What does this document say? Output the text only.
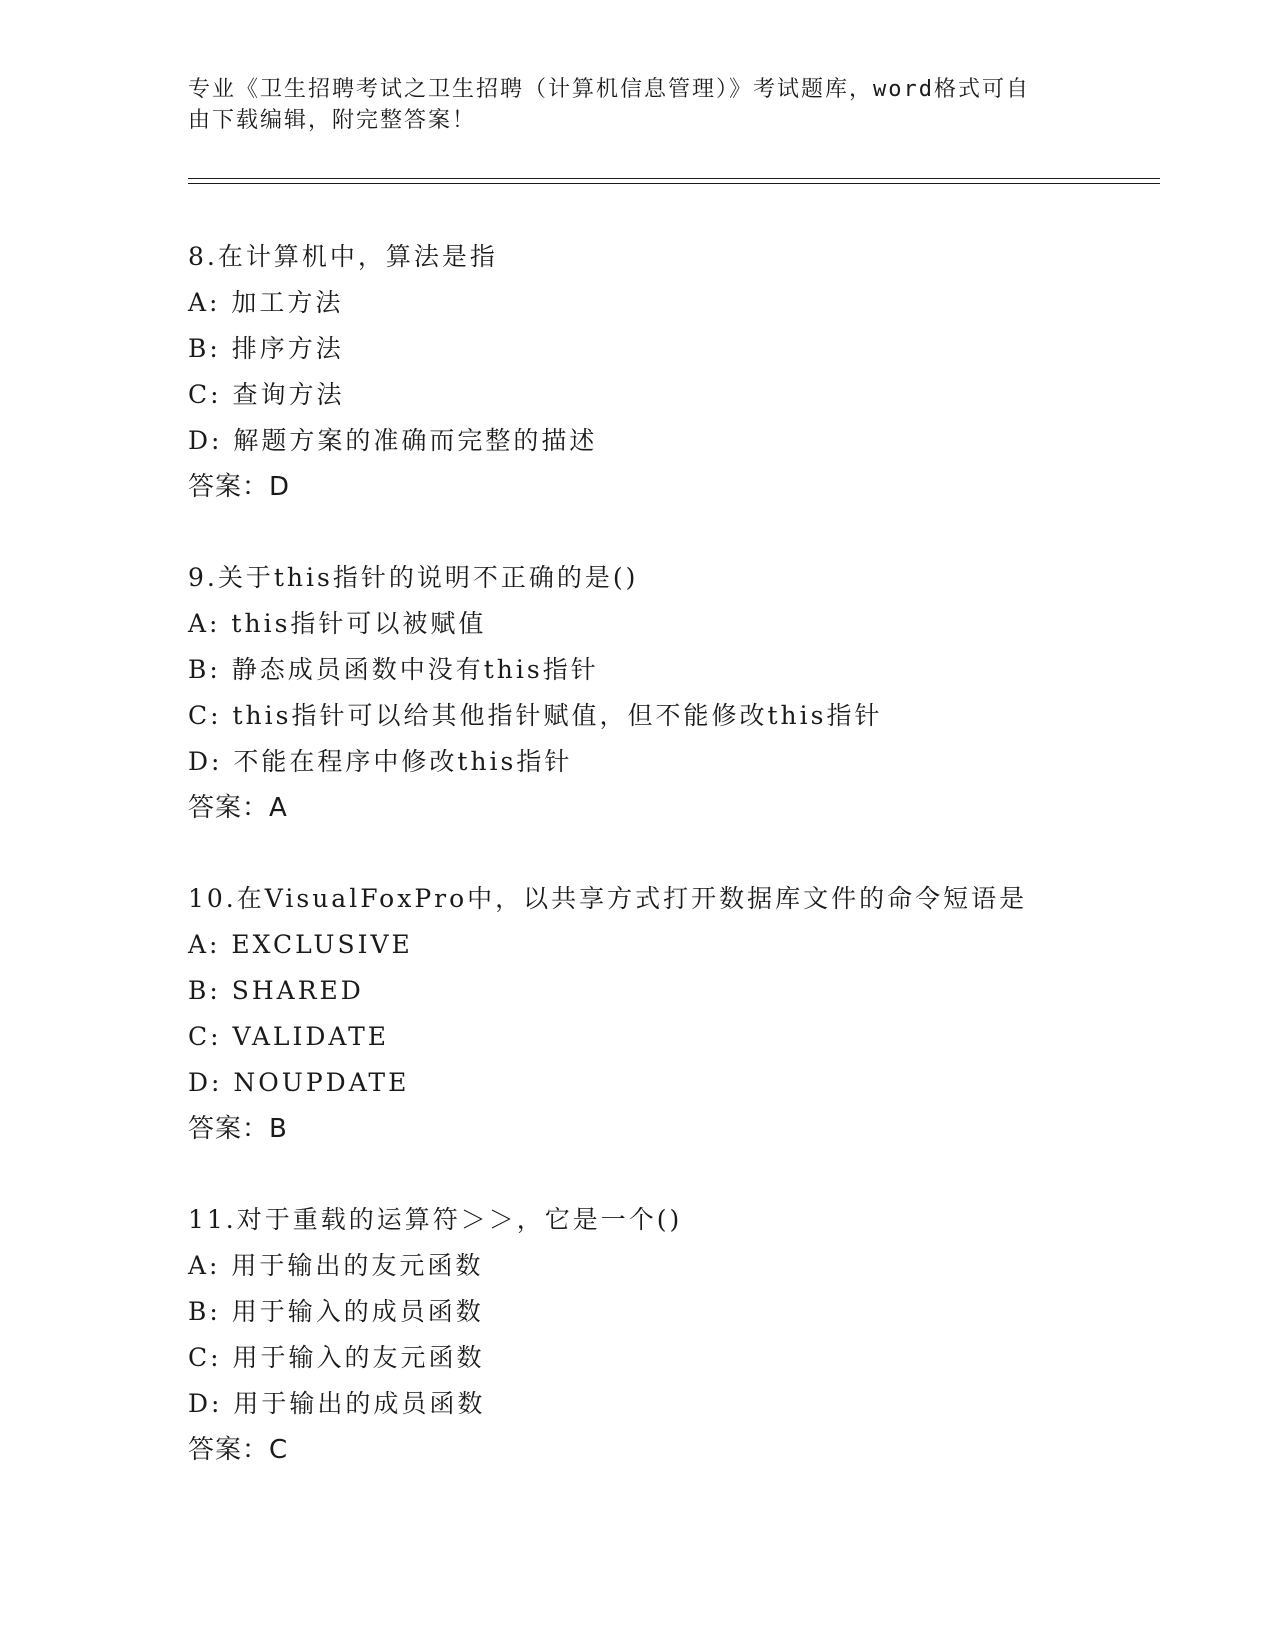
专业《卫生招聘考试之卫生招聘（计算机信息管理）》考试题库，word格式可自
由下载编辑，附完整答案！
8.在计算机中，算法是指
A: 加工方法
B: 排序方法
C: 查询方法
D: 解题方案的准确而完整的描述
答案：D
9.关于this指针的说明不正确的是()
A: this指针可以被赋值
B: 静态成员函数中没有this指针
C: this指针可以给其他指针赋值，但不能修改this指针
D: 不能在程序中修改this指针
答案：A
10.在VisualFoxPro中，以共享方式打开数据库文件的命令短语是
A: EXCLUSIVE
B: SHARED
C: VALIDATE
D: NOUPDATE
答案：B
11.对于重载的运算符＞＞，它是一个()
A: 用于输出的友元函数
B: 用于输入的成员函数
C: 用于输入的友元函数
D: 用于输出的成员函数
答案：C
